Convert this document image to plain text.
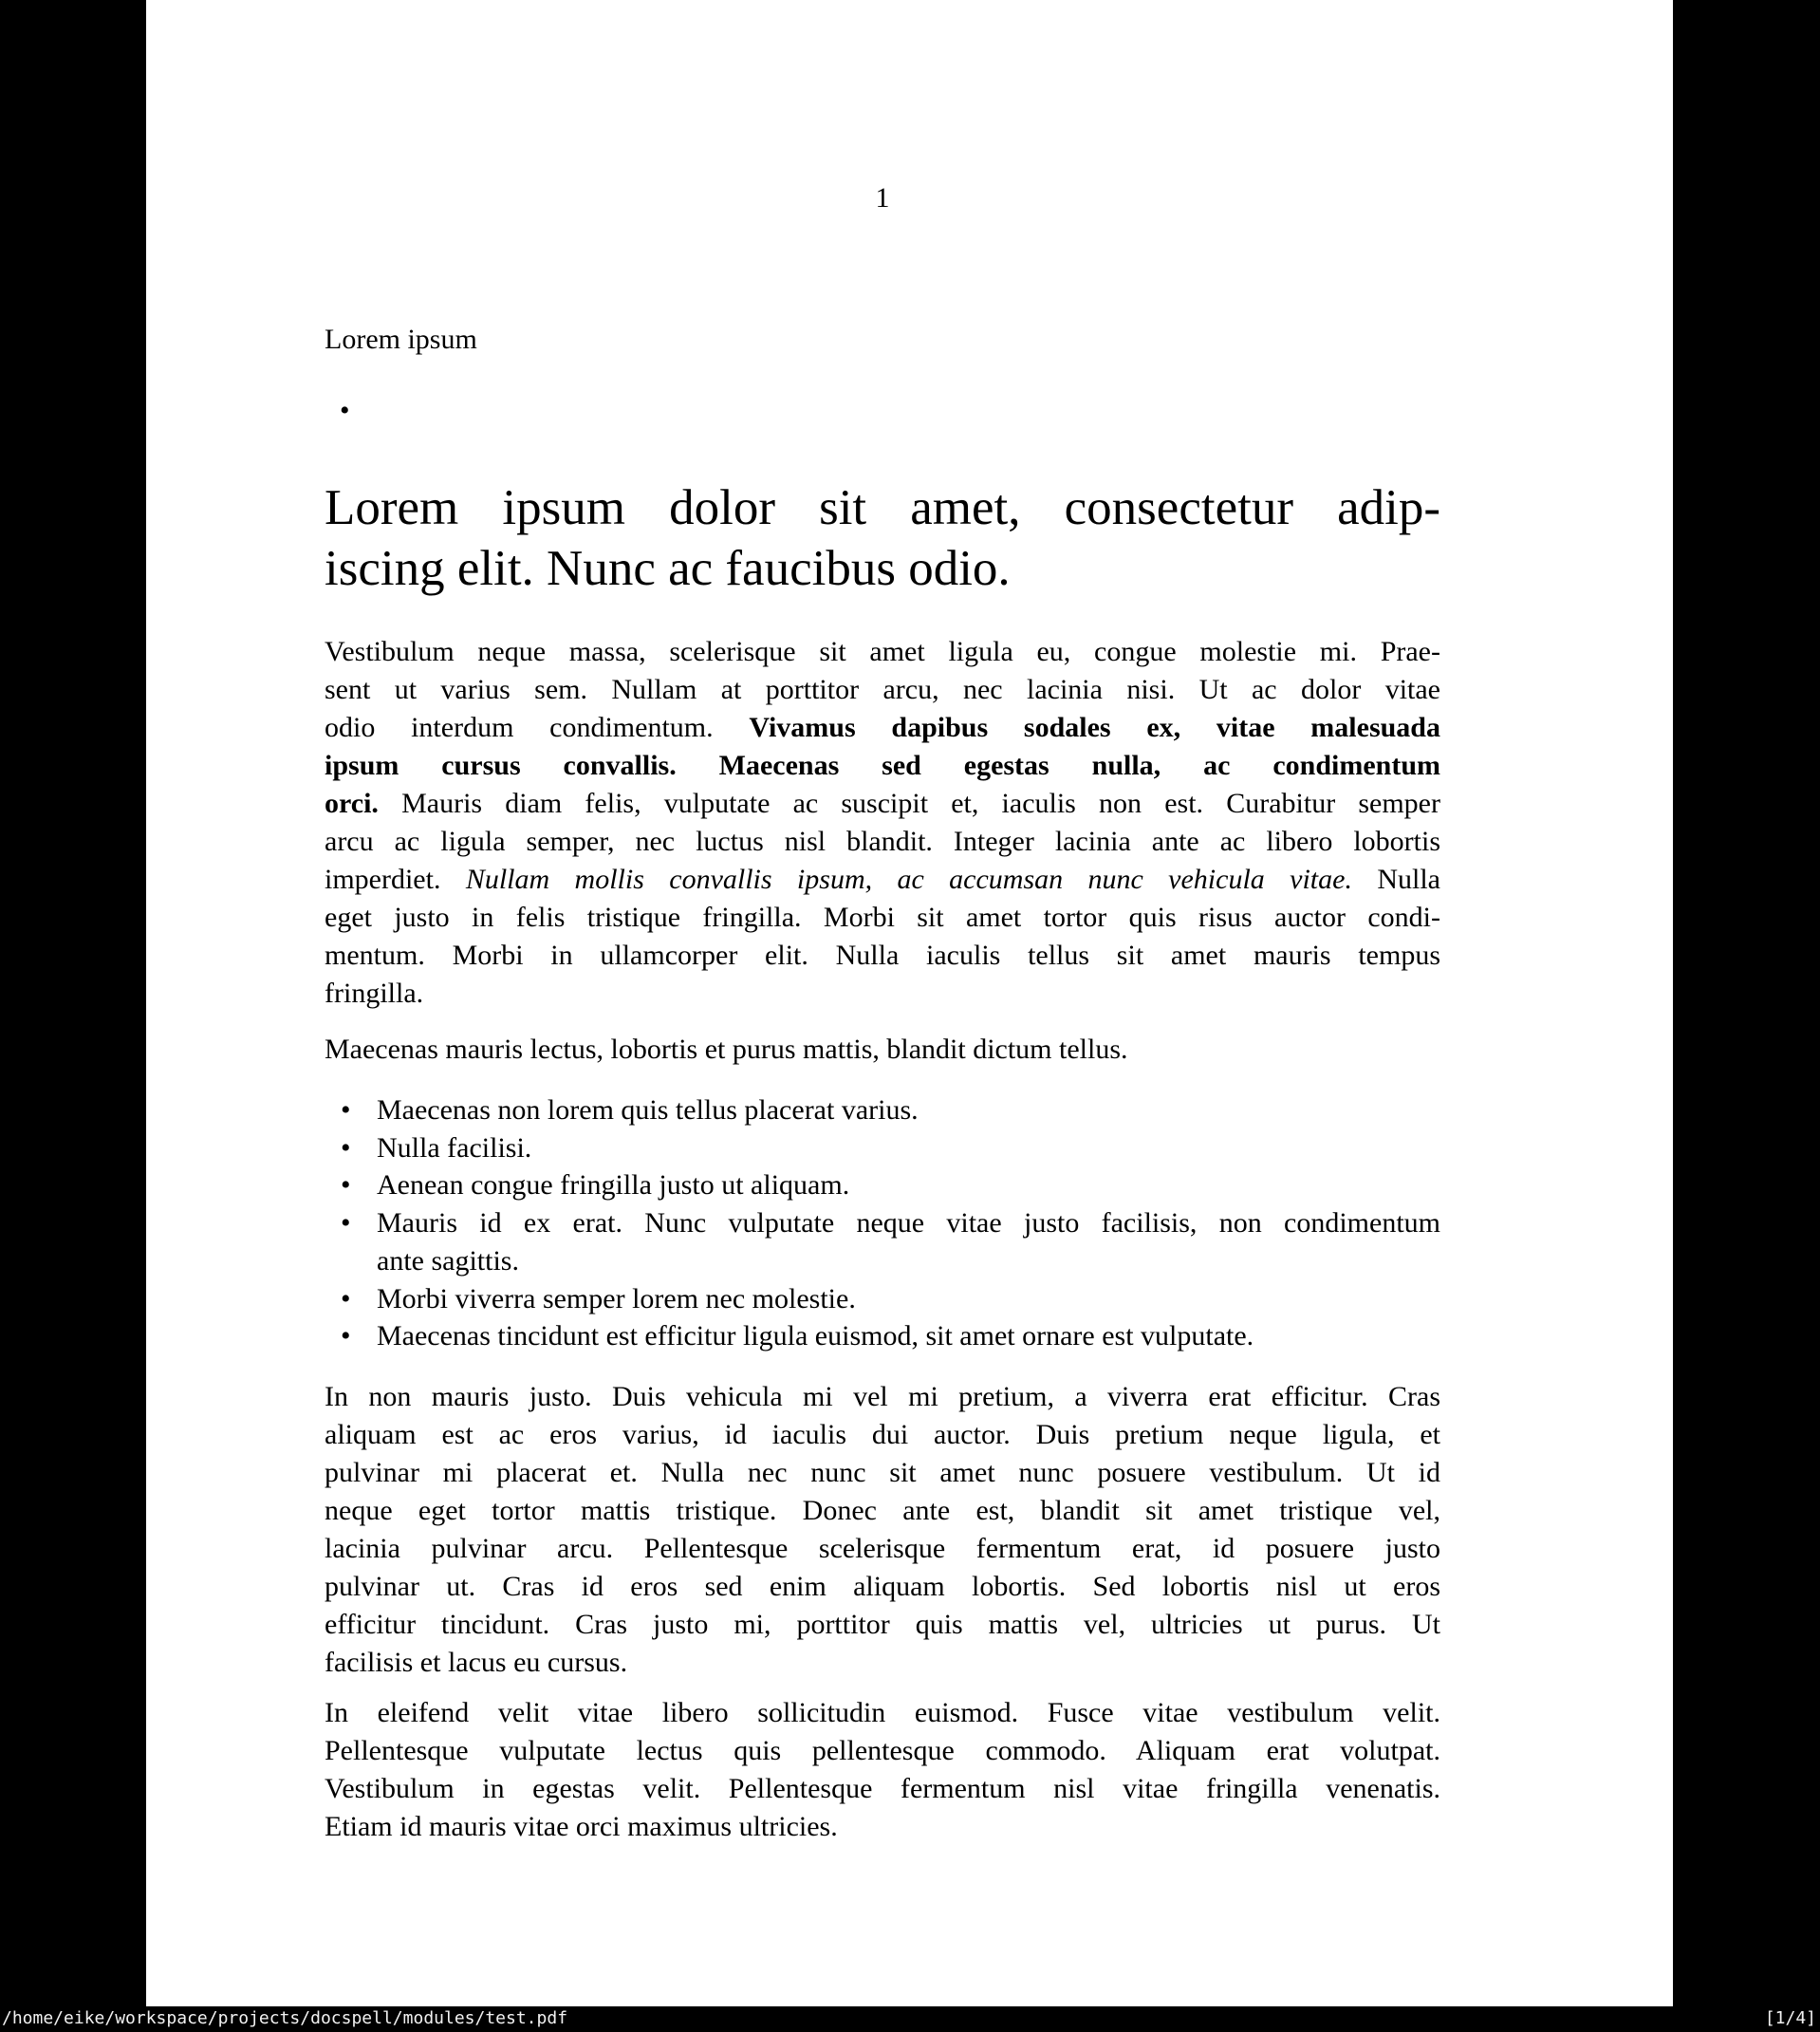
1
Lorem ipsum
•
Lorem ipsum dolor sit amet, consectetur adip-
iscing elit. Nunc ac faucibus odio.
Vestibulum neque massa, scelerisque sit amet ligula eu, congue molestie mi. Prae-
sent ut varius sem. Nullam at porttitor arcu, nec lacinia nisi. Ut ac dolor vitae
odio interdum condimentum. Vivamus dapibus sodales ex, vitae malesuada
ipsum cursus convallis. Maecenas sed egestas nulla, ac condimentum
orci. Mauris diam felis, vulputate ac suscipit et, iaculis non est. Curabitur semper
arcu ac ligula semper, nec luctus nisl blandit. Integer lacinia ante ac libero lobortis
imperdiet. Nullam mollis convallis ipsum, ac accumsan nunc vehicula vitae. Nulla
eget justo in felis tristique fringilla. Morbi sit amet tortor quis risus auctor condi-
mentum. Morbi in ullamcorper elit. Nulla iaculis tellus sit amet mauris tempus
fringilla.
Maecenas mauris lectus, lobortis et purus mattis, blandit dictum tellus.
• Maecenas non lorem quis tellus placerat varius.
• Nulla facilisi.
• Aenean congue fringilla justo ut aliquam.
• Mauris id ex erat. Nunc vulputate neque vitae justo facilisis, non condimentum
ante sagittis.
• Morbi viverra semper lorem nec molestie.
• Maecenas tincidunt est efficitur ligula euismod, sit amet ornare est vulputate.
In non mauris justo. Duis vehicula mi vel mi pretium, a viverra erat efficitur. Cras
aliquam est ac eros varius, id iaculis dui auctor. Duis pretium neque ligula, et
pulvinar mi placerat et. Nulla nec nunc sit amet nunc posuere vestibulum. Ut id
neque eget tortor mattis tristique. Donec ante est, blandit sit amet tristique vel,
lacinia pulvinar arcu. Pellentesque scelerisque fermentum erat, id posuere justo
pulvinar ut. Cras id eros sed enim aliquam lobortis. Sed lobortis nisl ut eros
efficitur tincidunt. Cras justo mi, porttitor quis mattis vel, ultricies ut purus. Ut
facilisis et lacus eu cursus.
In eleifend velit vitae libero sollicitudin euismod. Fusce vitae vestibulum velit.
Pellentesque vulputate lectus quis pellentesque commodo. Aliquam erat volutpat.
Vestibulum in egestas velit. Pellentesque fermentum nisl vitae fringilla venenatis.
Etiam id mauris vitae orci maximus ultricies.
/home/eike/workspace/projects/docspell/modules/test.pdf	[1/4]
